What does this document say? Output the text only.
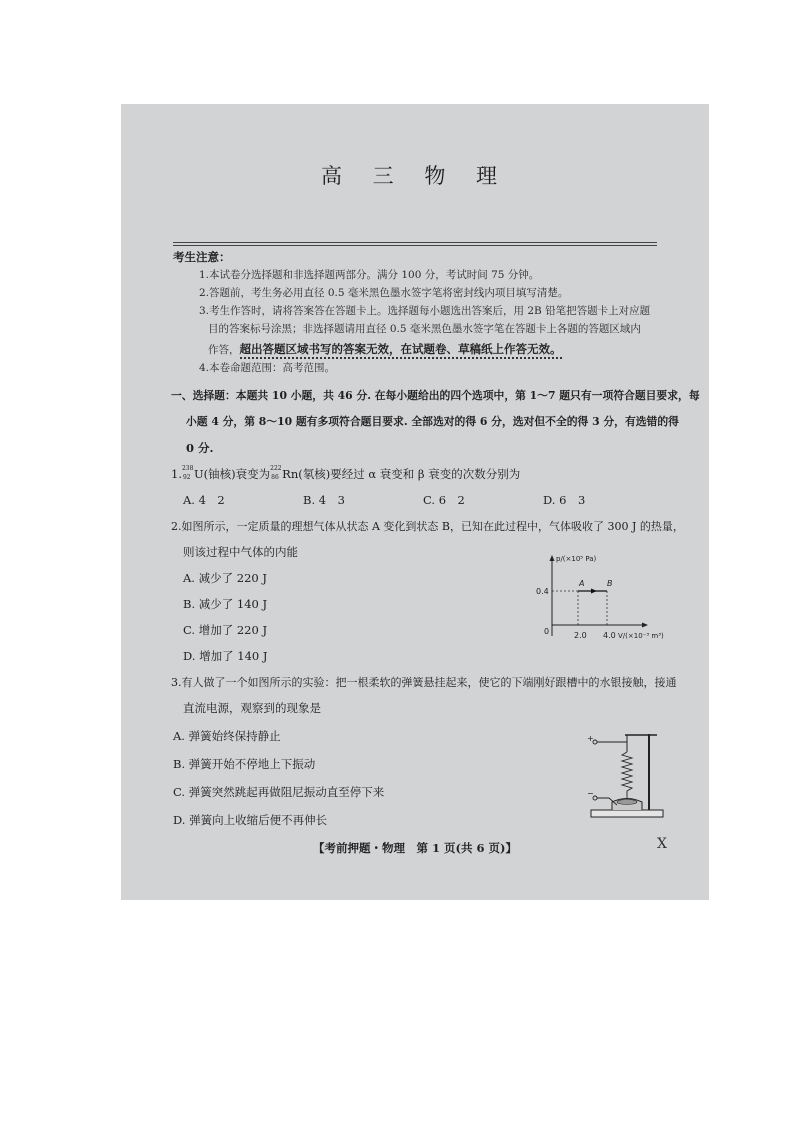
高 三 物 理
考生注意：
1.本试卷分选择题和非选择题两部分。满分 100 分，考试时间 75 分钟。
2.答题前，考生务必用直径 0.5 毫米黑色墨水签字笔将密封线内项目填写清楚。
3.考生作答时，请将答案答在答题卡上。选择题每小题选出答案后，用 2B 铅笔把答题卡上对应题
目的答案标号涂黑；非选择题请用直径 0.5 毫米黑色墨水签字笔在答题卡上各题的答题区域内
作答，超出答题区域书写的答案无效，在试题卷、草稿纸上作答无效。
4.本卷命题范围：高考范围。
一、选择题：本题共 10 小题，共 46 分. 在每小题给出的四个选项中，第 1～7 题只有一项符合题目要求，每
小题 4 分，第 8～10 题有多项符合题目要求. 全部选对的得 6 分，选对但不全的得 3 分，有选错的得
0 分.
1. 238
92 U(铀核)衰变为 222
86 Rn(氡核)要经过 α 衰变和 β 衰变的次数分别为
A. 4　2	B. 4　3	C. 6　2	D. 6　3
2.如图所示，一定质量的理想气体从状态 A 变化到状态 B，已知在此过程中，气体吸收了 300 J 的热量，
则该过程中气体的内能
A. 减少了 220 J
B. 减少了 140 J
C. 增加了 220 J
D. 增加了 140 J
p/(×10⁵ Pa)
0.4
0	2.0 4.0 V/(×10⁻³ m³)
A	B
3.有人做了一个如图所示的实验：把一根柔软的弹簧悬挂起来，使它的下端刚好跟槽中的水银接触，接通
直流电源，观察到的现象是
A. 弹簧始终保持静止
B. 弹簧开始不停地上下振动
C. 弹簧突然跳起再做阻尼振动直至停下来
D. 弹簧向上收缩后便不再伸长
+
−
【考前押题・物理　第 1 页(共 6 页)】	X
